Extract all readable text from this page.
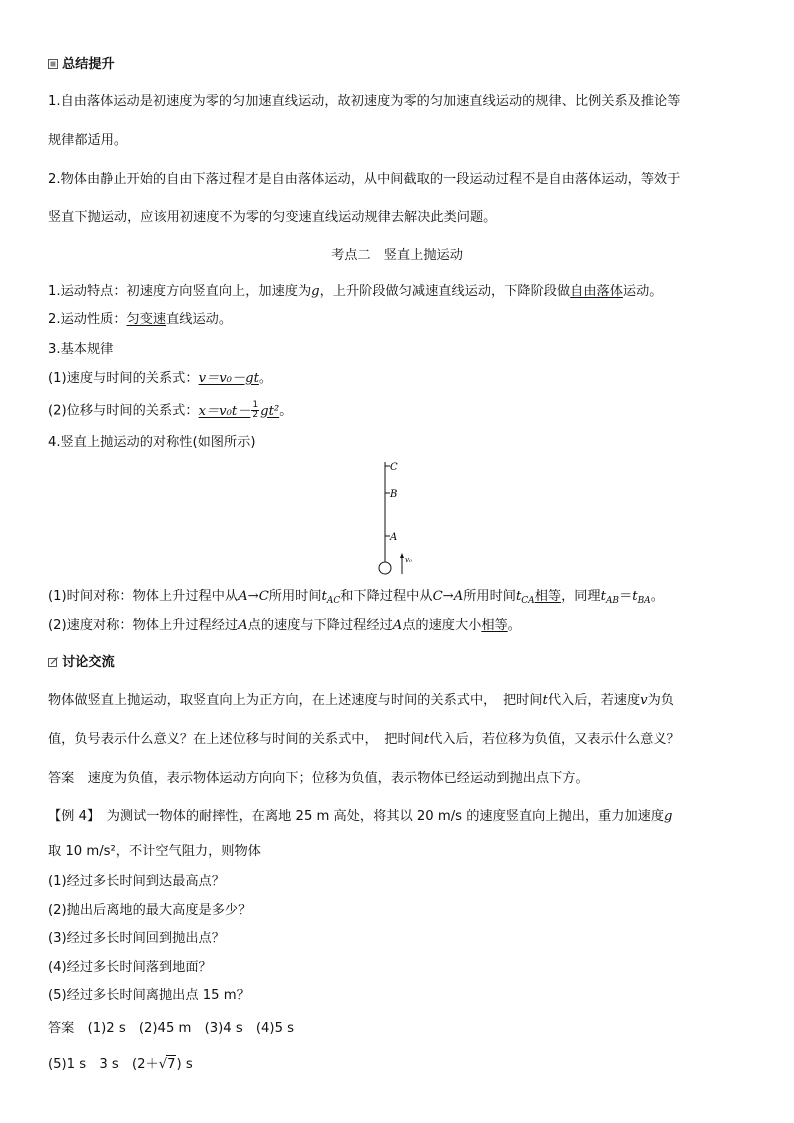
总结提升
1.自由落体运动是初速度为零的匀加速直线运动，故初速度为零的匀加速直线运动的规律、比例关系及推论等
规律都适用。
2.物体由静止开始的自由下落过程才是自由落体运动，从中间截取的一段运动过程不是自由落体运动，等效于
竖直下抛运动，应该用初速度不为零的匀变速直线运动规律去解决此类问题。
考点二　竖直上抛运动
1.运动特点：初速度方向竖直向上，加速度为g，上升阶段做匀减速直线运动，下降阶段做自由落体运动。
2.运动性质：匀变速直线运动。
3.基本规律
(1)速度与时间的关系式：v＝v₀－gt。
(2)位移与时间的关系式：$x=v_0t- \frac{1}{2} gt^2$。
4.竖直上抛运动的对称性(如图所示)
C
B
A
v₀
(1)时间对称：物体上升过程中从A→C所用时间$t_{AC}$和下降过程中从C→A所用时间$t_{CA}$相等，同理$t_{AB}=t_{BA}$。
(2)速度对称：物体上升过程经过A点的速度与下降过程经过A点的速度大小相等。
讨论交流
物体做竖直上抛运动，取竖直向上为正方向，在上述速度与时间的关系式中，　把时间t代入后，若速度v为负
值，负号表示什么意义？在上述位移与时间的关系式中，　把时间t代入后，若位移为负值，又表示什么意义？
答案　 速度为负值，表示物体运动方向向下；位移为负值，表示物体已经运动到抛出点下方。
【例 4】　 为测试一物体的耐摔性，在离地 25 m 高处，将其以 20 m/s 的速度竖直向上抛出，重力加速度g
取 10 m/s²，不计空气阻力，则物体
(1)经过多长时间到达最高点？
(2)抛出后离地的最大高度是多少？
(3)经过多长时间回到抛出点？
(4)经过多长时间落到地面？
(5)经过多长时间离抛出点 15 m？
答案　 (1)2 s　(2)45 m　(3)4 s　(4)5 s
(5)1 s　3 s　(2＋√7) s
